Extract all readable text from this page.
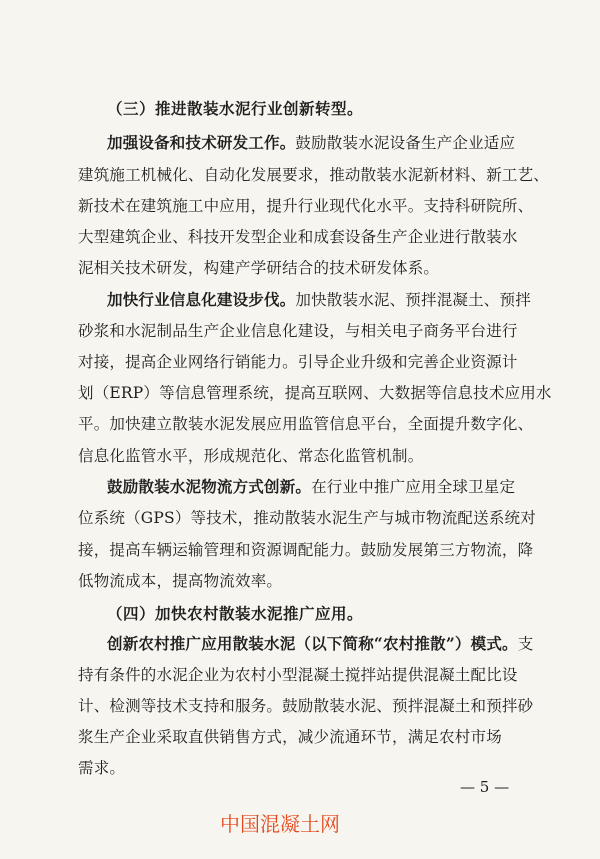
（三）推进散装水泥行业创新转型。
加强设备和技术研发工作。鼓励散装水泥设备生产企业适应
建筑施工机械化、自动化发展要求，推动散装水泥新材料、新工艺、
新技术在建筑施工中应用，提升行业现代化水平。支持科研院所、
大型建筑企业、科技开发型企业和成套设备生产企业进行散装水
泥相关技术研发，构建产学研结合的技术研发体系。
加快行业信息化建设步伐。加快散装水泥、预拌混凝土、预拌
砂浆和水泥制品生产企业信息化建设，与相关电子商务平台进行
对接，提高企业网络行销能力。引导企业升级和完善企业资源计
划（ERP）等信息管理系统，提高互联网、大数据等信息技术应用水
平。加快建立散装水泥发展应用监管信息平台，全面提升数字化、
信息化监管水平，形成规范化、常态化监管机制。
鼓励散装水泥物流方式创新。在行业中推广应用全球卫星定
位系统（GPS）等技术，推动散装水泥生产与城市物流配送系统对
接，提高车辆运输管理和资源调配能力。鼓励发展第三方物流，降
低物流成本，提高物流效率。
（四）加快农村散装水泥推广应用。
创新农村推广应用散装水泥（以下简称“农村推散”）模式。支
持有条件的水泥企业为农村小型混凝土搅拌站提供混凝土配比设
计、检测等技术支持和服务。鼓励散装水泥、预拌混凝土和预拌砂
浆生产企业采取直供销售方式，减少流通环节，满足农村市场
需求。
— 5 —
中国混凝土网
